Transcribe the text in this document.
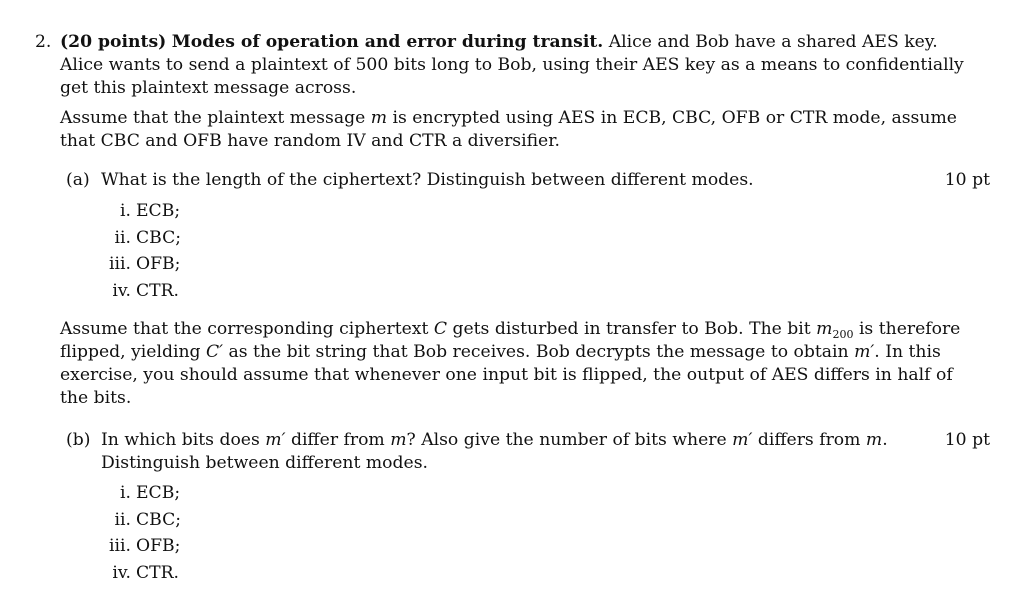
2. (20 points) Modes of operation and error during transit. Alice and Bob have a shared AES key.
Alice wants to send a plaintext of 500 bits long to Bob, using their AES key as a means to confidentially
get this plaintext message across.
Assume that the plaintext message m is encrypted using AES in ECB, CBC, OFB or CTR mode, assume
that CBC and OFB have random IV and CTR a diversifier.
(a) What is the length of the ciphertext? Distinguish between different modes.	10 pt
i. ECB;
ii. CBC;
iii. OFB;
iv. CTR.
Assume that the corresponding ciphertext C gets disturbed in transfer to Bob. The bit $m_{200}$ is therefore
flipped, yielding C′ as the bit string that Bob receives. Bob decrypts the message to obtain m′. In this
exercise, you should assume that whenever one input bit is flipped, the output of AES differs in half of
the bits.
(b) In which bits does m′ differ from m? Also give the number of bits where m′ differs from m.	10 pt
Distinguish between different modes.
i. ECB;
ii. CBC;
iii. OFB;
iv. CTR.
